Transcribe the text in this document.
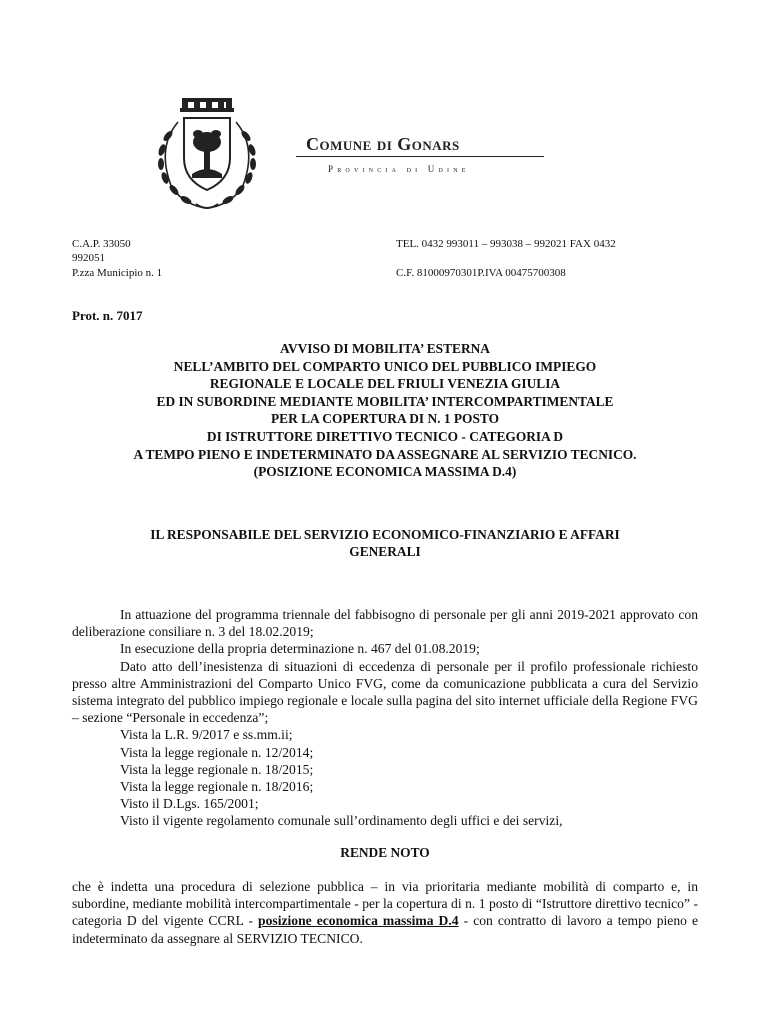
Comune di Gonars
Provincia di Udine
C.A.P. 33050
992051
P.zza Municipio n. 1
TEL. 0432 993011 – 993038 – 992021 FAX 0432
C.F. 81000970301P.IVA 00475700308
Prot. n. 7017
AVVISO DI MOBILITA’ ESTERNA
NELL’AMBITO DEL COMPARTO UNICO DEL PUBBLICO IMPIEGO
REGIONALE E LOCALE DEL FRIULI VENEZIA GIULIA
ED IN SUBORDINE MEDIANTE MOBILITA’ INTERCOMPARTIMENTALE
PER LA COPERTURA DI N. 1 POSTO
DI ISTRUTTORE DIRETTIVO TECNICO - CATEGORIA D
A TEMPO PIENO E INDETERMINATO DA ASSEGNARE AL SERVIZIO TECNICO.
(POSIZIONE ECONOMICA MASSIMA D.4)
IL RESPONSABILE DEL SERVIZIO ECONOMICO-FINANZIARIO E AFFARI
GENERALI

In attuazione del programma triennale del fabbisogno di personale per gli anni 2019-2021 approvato con deliberazione consiliare n. 3 del 18.02.2019;

In esecuzione della propria determinazione n. 467 del 01.08.2019;

Dato atto dell’inesistenza di situazioni di eccedenza di personale per il profilo professionale richiesto presso altre Amministrazioni del Comparto Unico FVG, come da comunicazione pubblicata a cura del Servizio sistema integrato del pubblico impiego regionale e locale sulla pagina del sito internet ufficiale della Regione FVG – sezione “Personale in eccedenza”;

Vista la L.R. 9/2017 e ss.mm.ii;

Vista la legge regionale n. 12/2014;

Vista la legge regionale n. 18/2015;

Vista la legge regionale n. 18/2016;

Visto il D.Lgs. 165/2001;

Visto il vigente regolamento comunale sull’ordinamento degli uffici e dei servizi,

RENDE NOTO

che è indetta una procedura di selezione pubblica – in via prioritaria mediante mobilità di comparto e, in subordine, mediante mobilità intercompartimentale - per la copertura di n. 1 posto di “Istruttore direttivo tecnico” - categoria D del vigente CCRL - posizione economica massima D.4 - con contratto di lavoro a tempo pieno e indeterminato da assegnare al SERVIZIO TECNICO.
